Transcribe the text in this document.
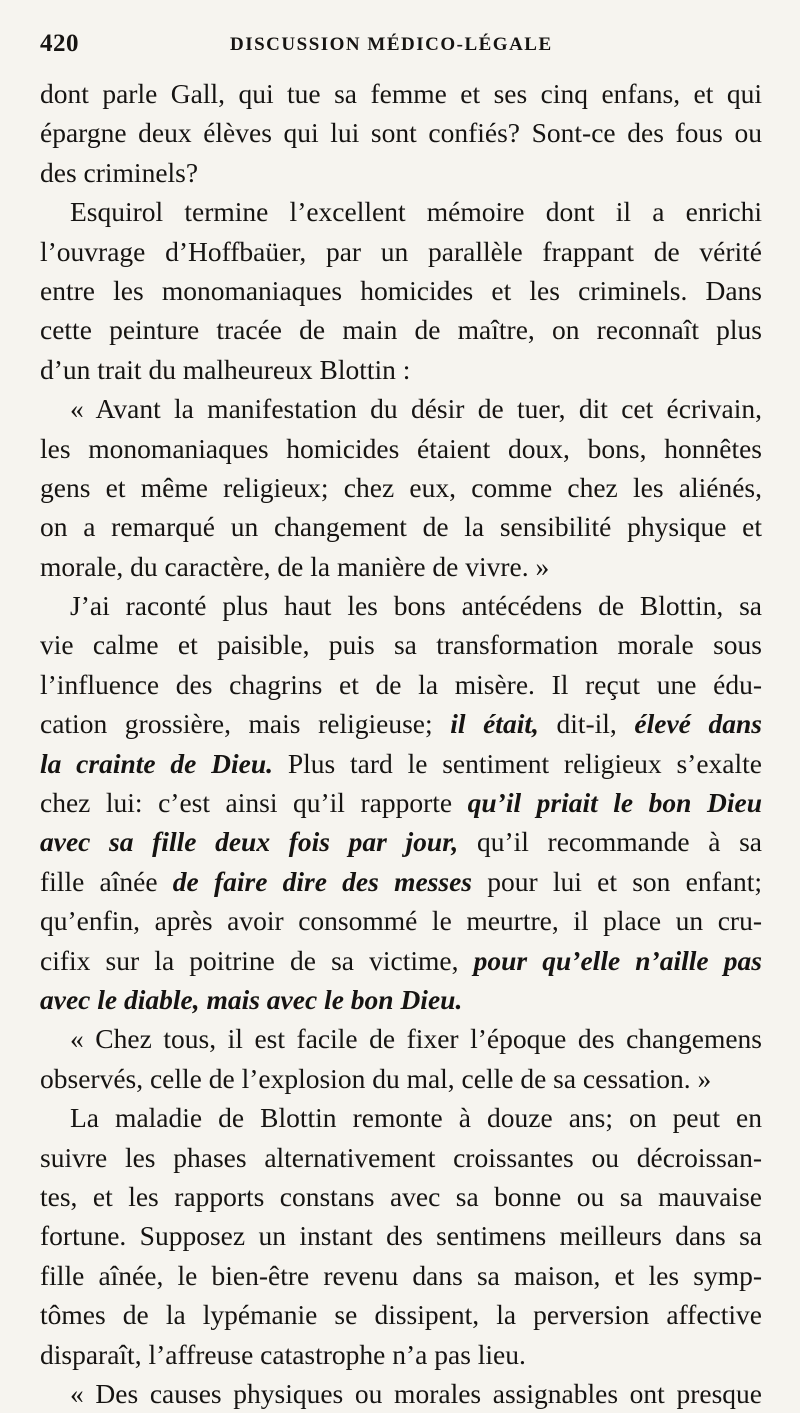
420	DISCUSSION MÉDICO-LÉGALE
dont parle Gall, qui tue sa femme et ses cinq enfans, et qui
épargne deux élèves qui lui sont confiés? Sont-ce des fous ou
des criminels?
Esquirol termine l’excellent mémoire dont il a enrichi
l’ouvrage d’Hoffbaüer, par un parallèle frappant de vérité
entre les monomaniaques homicides et les criminels. Dans
cette peinture tracée de main de maître, on reconnaît plus
d’un trait du malheureux Blottin :
« Avant la manifestation du désir de tuer, dit cet écrivain,
les monomaniaques homicides étaient doux, bons, honnêtes
gens et même religieux; chez eux, comme chez les aliénés,
on a remarqué un changement de la sensibilité physique et
morale, du caractère, de la manière de vivre. »
J’ai raconté plus haut les bons antécédens de Blottin, sa
vie calme et paisible, puis sa transformation morale sous
l’influence des chagrins et de la misère. Il reçut une édu-
cation grossière, mais religieuse; il était, dit-il, élevé dans
la crainte de Dieu. Plus tard le sentiment religieux s’exalte
chez lui: c’est ainsi qu’il rapporte qu’il priait le bon Dieu
avec sa fille deux fois par jour, qu’il recommande à sa
fille aînée de faire dire des messes pour lui et son enfant;
qu’enfin, après avoir consommé le meurtre, il place un cru-
cifix sur la poitrine de sa victime, pour qu’elle n’aille pas
avec le diable, mais avec le bon Dieu.
« Chez tous, il est facile de fixer l’époque des changemens
observés, celle de l’explosion du mal, celle de sa cessation. »
La maladie de Blottin remonte à douze ans; on peut en
suivre les phases alternativement croissantes ou décroissan-
tes, et les rapports constans avec sa bonne ou sa mauvaise
fortune. Supposez un instant des sentimens meilleurs dans sa
fille aînée, le bien-être revenu dans sa maison, et les symp-
tômes de la lypémanie se dissipent, la perversion affective
disparaît, l’affreuse catastrophe n’a pas lieu.
« Des causes physiques ou morales assignables ont presque
